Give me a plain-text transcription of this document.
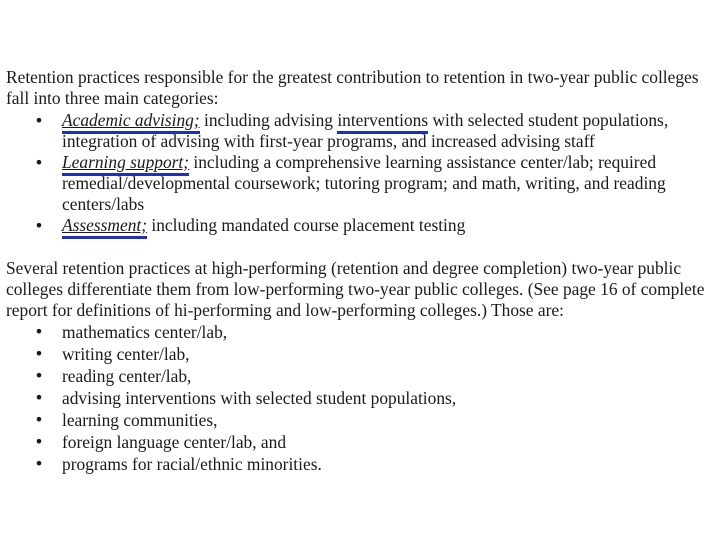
Retention practices responsible for the greatest contribution to retention in two-year public colleges fall into three main categories:

• Academic advising; including advising interventions with selected student populations, integration of advising with first-year programs, and increased advising staff
• Learning support; including a comprehensive learning assistance center/lab; required remedial/developmental coursework; tutoring program; and math, writing, and reading centers/labs
• Assessment; including mandated course placement testing

Several retention practices at high-performing (retention and degree completion) two-year public colleges differentiate them from low-performing two-year public colleges. (See page 16 of complete report for definitions of hi-performing and low-performing colleges.) Those are:

• mathematics center/lab,
• writing center/lab,
• reading center/lab,
• advising interventions with selected student populations,
• learning communities,
• foreign language center/lab, and
• programs for racial/ethnic minorities.
